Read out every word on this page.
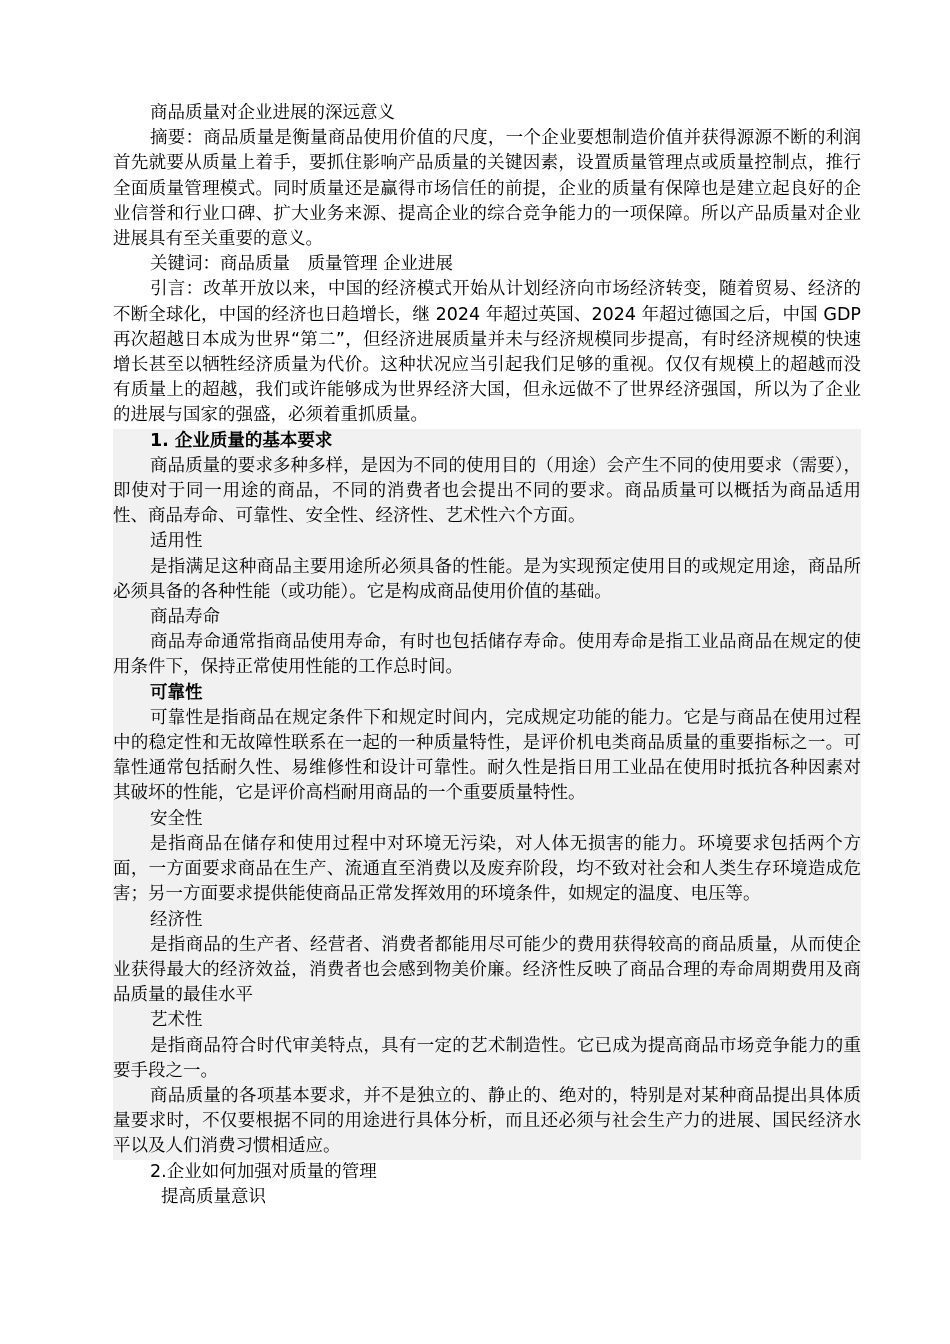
商品质量对企业进展的深远意义

摘要：商品质量是衡量商品使用价值的尺度，一个企业要想制造价值并获得源源不断的利润首先就要从质量上着手，要抓住影响产品质量的关键因素，设置质量管理点或质量控制点，推行全面质量管理模式。同时质量还是赢得市场信任的前提，企业的质量有保障也是建立起良好的企业信誉和行业口碑、扩大业务来源、提高企业的综合竞争能力的一项保障。所以产品质量对企业进展具有至关重要的意义。

关键词：商品质量　质量管理 企业进展

引言：改革开放以来，中国的经济模式开始从计划经济向市场经济转变，随着贸易、经济的不断全球化，中国的经济也日趋增长，继 2024 年超过英国、2024 年超过德国之后，中国 GDP 再次超越日本成为世界“第二”，但经济进展质量并未与经济规模同步提高，有时经济规模的快速增长甚至以牺牲经济质量为代价。这种状况应当引起我们足够的重视。仅仅有规模上的超越而没有质量上的超越，我们或许能够成为世界经济大国，但永远做不了世界经济强国，所以为了企业的进展与国家的强盛，必须着重抓质量。

1. 企业质量的基本要求

商品质量的要求多种多样，是因为不同的使用目的（用途）会产生不同的使用要求（需要），即使对于同一用途的商品，不同的消费者也会提出不同的要求。商品质量可以概括为商品适用性、商品寿命、可靠性、安全性、经济性、艺术性六个方面。

适用性

是指满足这种商品主要用途所必须具备的性能。是为实现预定使用目的或规定用途，商品所必须具备的各种性能（或功能）。它是构成商品使用价值的基础。

商品寿命

商品寿命通常指商品使用寿命，有时也包括储存寿命。使用寿命是指工业品商品在规定的使用条件下，保持正常使用性能的工作总时间。

可靠性

可靠性是指商品在规定条件下和规定时间内，完成规定功能的能力。它是与商品在使用过程中的稳定性和无故障性联系在一起的一种质量特性，是评价机电类商品质量的重要指标之一。可靠性通常包括耐久性、易维修性和设计可靠性。耐久性是指日用工业品在使用时抵抗各种因素对其破坏的性能，它是评价高档耐用商品的一个重要质量特性。

安全性

是指商品在储存和使用过程中对环境无污染，对人体无损害的能力。环境要求包括两个方面，一方面要求商品在生产、流通直至消费以及废弃阶段，均不致对社会和人类生存环境造成危害；另一方面要求提供能使商品正常发挥效用的环境条件，如规定的温度、电压等。

经济性

是指商品的生产者、经营者、消费者都能用尽可能少的费用获得较高的商品质量，从而使企业获得最大的经济效益，消费者也会感到物美价廉。经济性反映了商品合理的寿命周期费用及商品质量的最佳水平

艺术性

是指商品符合时代审美特点，具有一定的艺术制造性。它已成为提高商品市场竞争能力的重要手段之一。

商品质量的各项基本要求，并不是独立的、静止的、绝对的，特别是对某种商品提出具体质量要求时，不仅要根据不同的用途进行具体分析，而且还必须与社会生产力的进展、国民经济水平以及人们消费习惯相适应。

2.企业如何加强对质量的管理

提高质量意识
